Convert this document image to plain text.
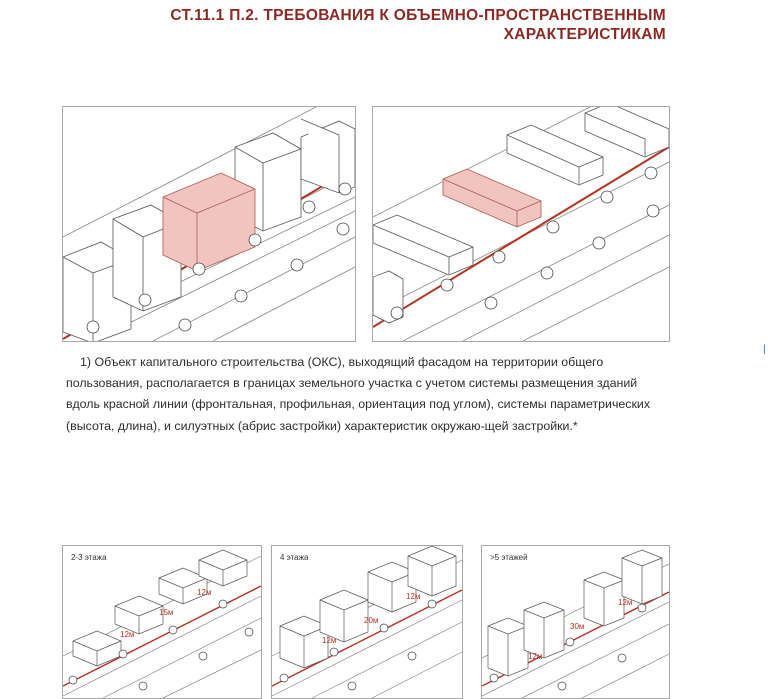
СТ.11.1 П.2. ТРЕБОВАНИЯ К ОБЪЕМНО-ПРОСТРАНСТВЕННЫМ
ХАРАКТЕРИСТИКАМ
|
1) Объект капитального строительства (ОКС), выходящий фасадом на территории общего пользования, располагается в границах земельного участка с учетом системы размещения зданий вдоль красной линии (фронтальная, профильная, ориентация под углом), системы параметрических (высота, длина), и силуэтных (абрис застройки) характеристик окружаю-щей застройки.*
2-3 этажа
12м
15м
12м
4 этажа
12м
20м
12м
>5 этажей
12м
30м
12м
